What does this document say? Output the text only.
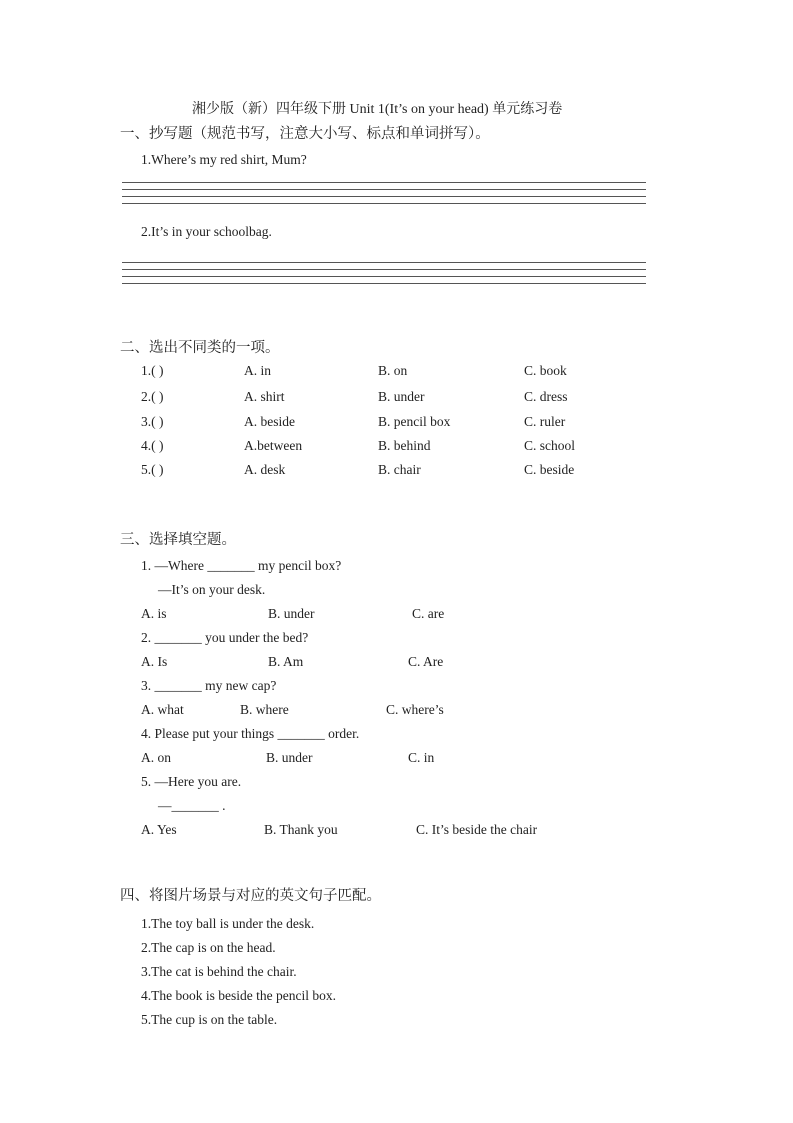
湘少版（新）四年级下册 Unit 1(It’s on your head) 单元练习卷
一、抄写题（规范书写，注意大小写、标点和单词拼写）。
1.Where’s my red shirt, Mum?
2.It’s in your schoolbag.
二、选出不同类的一项。
1.( )	A. in	B. on	C. book
2.( )	A. shirt	B. under	C. dress
3.( )	A. beside	B. pencil box	C. ruler
4.( )	A.between	B. behind	C. school
5.( )	A. desk	B. chair	C. beside
三、选择填空题。
1. —Where _______ my pencil box?
—It’s on your desk.
A. is	B. under	C. are
2. _______ you under the bed?
A. Is	B. Am	C. Are
3. _______ my new cap?
A. what	B. where	C. where’s
4. Please put your things _______ order.
A. on	B. under	C. in
5. —Here you are.
—_______ .
A. Yes	B. Thank you	C. It’s beside the chair
四、将图片场景与对应的英文句子匹配。
1.The toy ball is under the desk.
2.The cap is on the head.
3.The cat is behind the chair.
4.The book is beside the pencil box.
5.The cup is on the table.
